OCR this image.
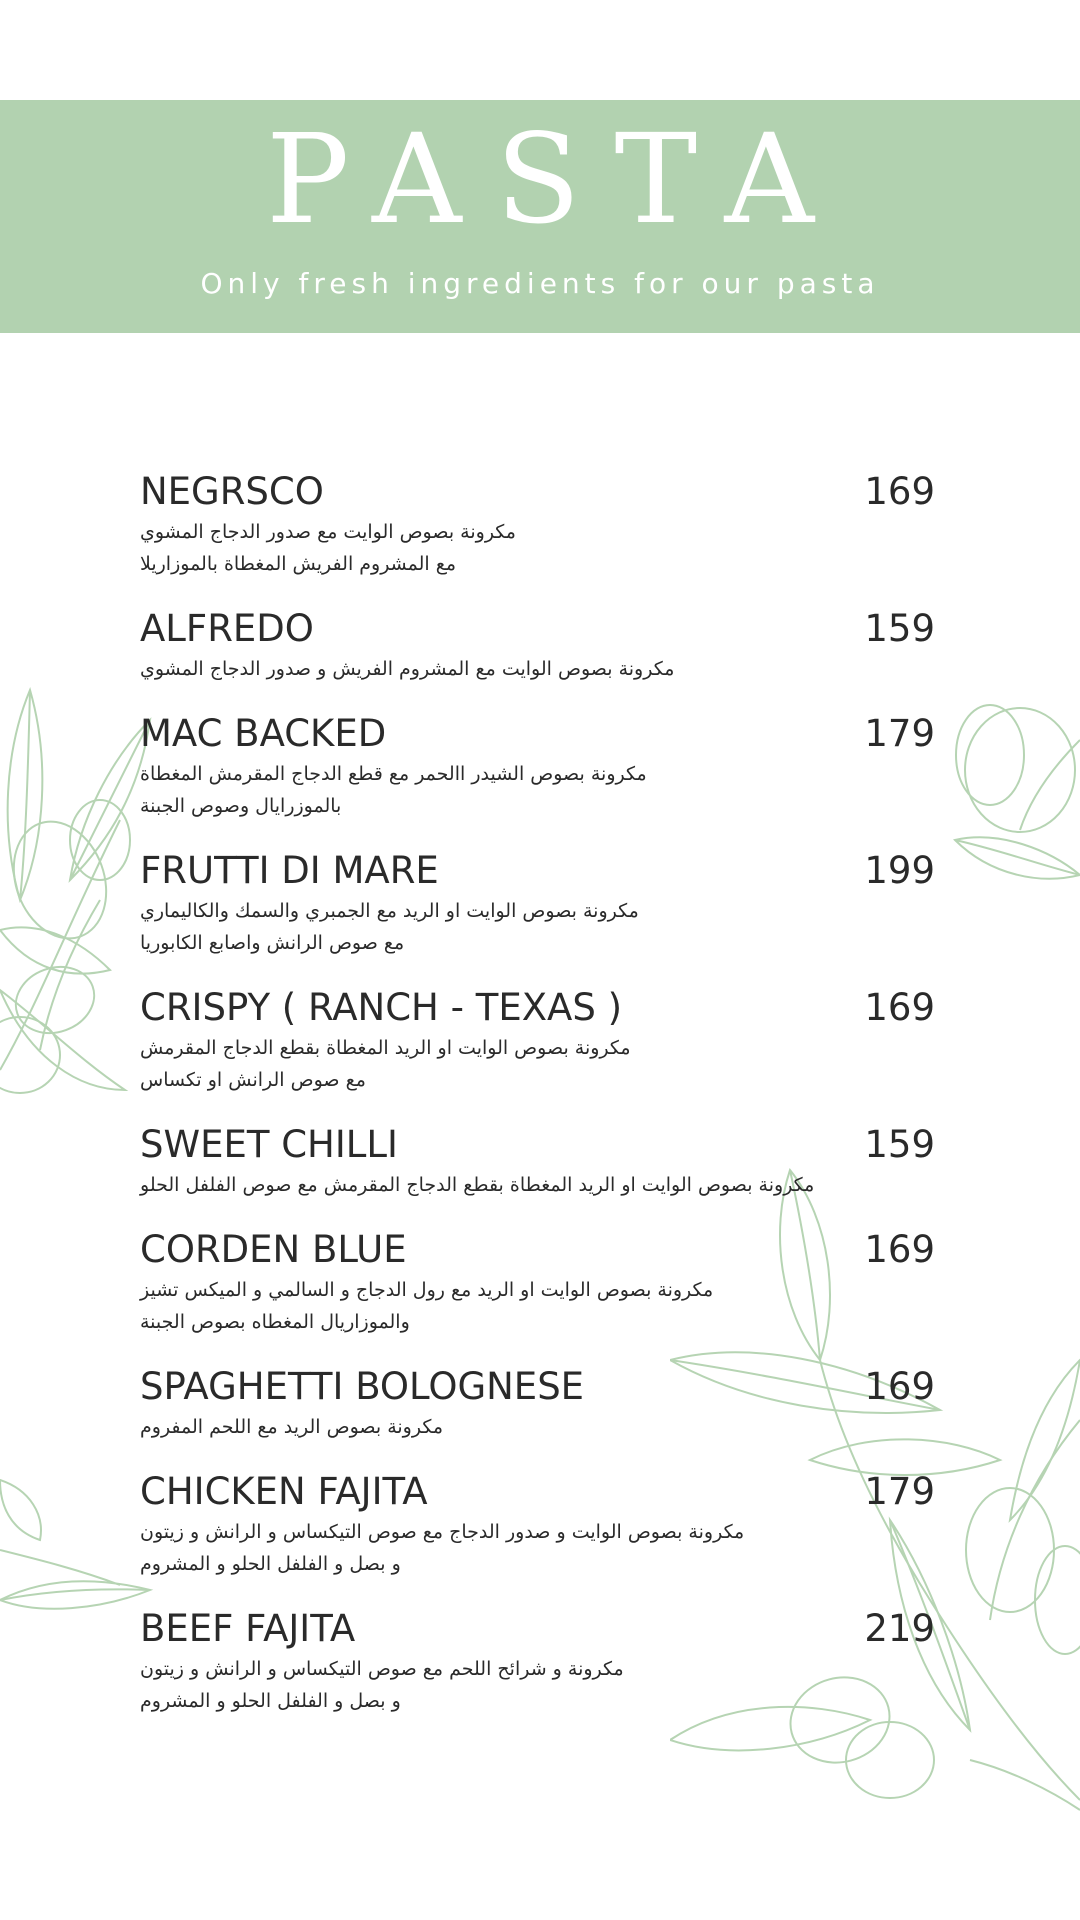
PASTA
Only fresh ingredients for our pasta
NEGRSCO	169
مكرونة بصوص الوايت مع صدور الدجاج المشوي
مع المشروم الفريش المغطاة بالموزاريلا
ALFREDO	159
مكرونة بصوص الوايت مع المشروم الفريش و صدور الدجاج المشوي
MAC BACKED	179
مكرونة بصوص الشيدر االحمر مع قطع الدجاج المقرمش المغطاة
بالموزرايال وصوص الجبنة
FRUTTI DI MARE	199
مكرونة بصوص الوايت او الريد مع الجمبري والسمك والكاليماري
مع صوص الرانش واصابع الكابوريا
CRISPY ( RANCH - TEXAS )	169
مكرونة بصوص الوايت او الريد المغطاة بقطع الدجاج المقرمش
مع صوص الرانش او تكساس
SWEET CHILLI	159
مكرونة بصوص الوايت او الريد المغطاة بقطع الدجاج المقرمش مع صوص الفلفل الحلو
CORDEN BLUE	169
مكرونة بصوص الوايت او الريد مع رول الدجاج و السالمي و الميكس تشيز
والموزاريال المغطاه بصوص الجبنة
SPAGHETTI BOLOGNESE	169
مكرونة بصوص الريد مع اللحم المفروم
CHICKEN FAJITA	179
مكرونة بصوص الوايت و صدور الدجاج مع صوص التيكساس و الرانش و زيتون
و بصل و الفلفل الحلو و المشروم
BEEF FAJITA	219
مكرونة و شرائح اللحم مع صوص التيكساس و الرانش و زيتون
و بصل و الفلفل الحلو و المشروم
